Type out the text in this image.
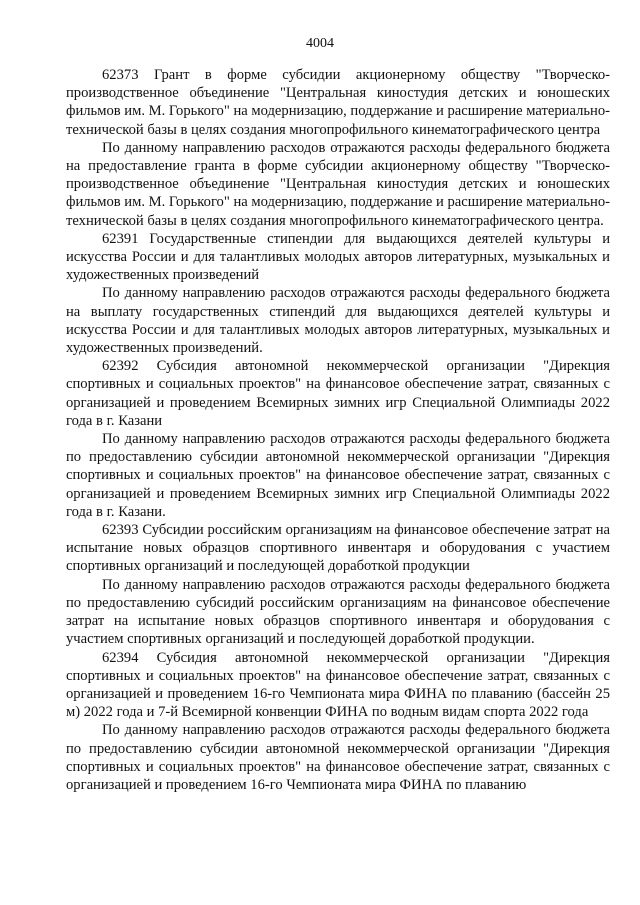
4004

62373 Грант в форме субсидии акционерному обществу "Творческо-производственное объединение "Центральная киностудия детских и юношеских фильмов им. М. Горького" на модернизацию, поддержание и расширение материально-технической базы в целях создания многопрофильного кинематографического центра

По данному направлению расходов отражаются расходы федерального бюджета на предоставление гранта в форме субсидии акционерному обществу "Творческо-производственное объединение "Центральная киностудия детских и юношеских фильмов им. М. Горького" на модернизацию, поддержание и расширение материально-технической базы в целях создания многопрофильного кинематографического центра.

62391 Государственные стипендии для выдающихся деятелей культуры и искусства России и для талантливых молодых авторов литературных, музыкальных и художественных произведений

По данному направлению расходов отражаются расходы федерального бюджета на выплату государственных стипендий для выдающихся деятелей культуры и искусства России и для талантливых молодых авторов литературных, музыкальных и художественных произведений.

62392 Субсидия автономной некоммерческой организации "Дирекция спортивных и социальных проектов" на финансовое обеспечение затрат, связанных с организацией и проведением Всемирных зимних игр Специальной Олимпиады 2022 года в г. Казани

По данному направлению расходов отражаются расходы федерального бюджета по предоставлению субсидии автономной некоммерческой организации "Дирекция спортивных и социальных проектов" на финансовое обеспечение затрат, связанных с организацией и проведением Всемирных зимних игр Специальной Олимпиады 2022 года в г. Казани.

62393 Субсидии российским организациям на финансовое обеспечение затрат на испытание новых образцов спортивного инвентаря и оборудования с участием спортивных организаций и последующей доработкой продукции

По данному направлению расходов отражаются расходы федерального бюджета по предоставлению субсидий российским организациям на финансовое обеспечение затрат на испытание новых образцов спортивного инвентаря и оборудования с участием спортивных организаций и последующей доработкой продукции.

62394 Субсидия автономной некоммерческой организации "Дирекция спортивных и социальных проектов" на финансовое обеспечение затрат, связанных с организацией и проведением 16-го Чемпионата мира ФИНА по плаванию (бассейн 25 м) 2022 года и 7-й Всемирной конвенции ФИНА по водным видам спорта 2022 года

По данному направлению расходов отражаются расходы федерального бюджета по предоставлению субсидии автономной некоммерческой организации "Дирекция спортивных и социальных проектов" на финансовое обеспечение затрат, связанных с организацией и проведением 16-го Чемпионата мира ФИНА по плаванию
